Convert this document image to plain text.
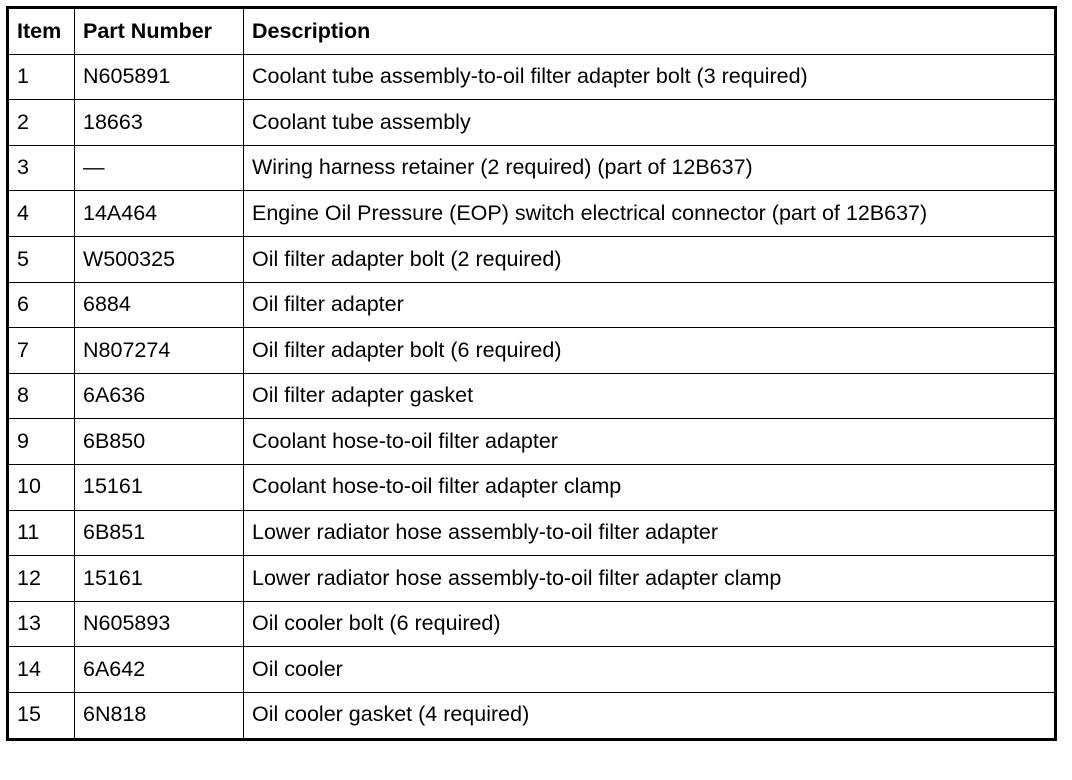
Item	Part Number	Description
1	N605891	Coolant tube assembly-to-oil filter adapter bolt (3 required)
2	18663	Coolant tube assembly
3	—	Wiring harness retainer (2 required) (part of 12B637)
4	14A464	Engine Oil Pressure (EOP) switch electrical connector (part of 12B637)
5	W500325	Oil filter adapter bolt (2 required)
6	6884	Oil filter adapter
7	N807274	Oil filter adapter bolt (6 required)
8	6A636	Oil filter adapter gasket
9	6B850	Coolant hose-to-oil filter adapter
10	15161	Coolant hose-to-oil filter adapter clamp
11	6B851	Lower radiator hose assembly-to-oil filter adapter
12	15161	Lower radiator hose assembly-to-oil filter adapter clamp
13	N605893	Oil cooler bolt (6 required)
14	6A642	Oil cooler
15	6N818	Oil cooler gasket (4 required)
